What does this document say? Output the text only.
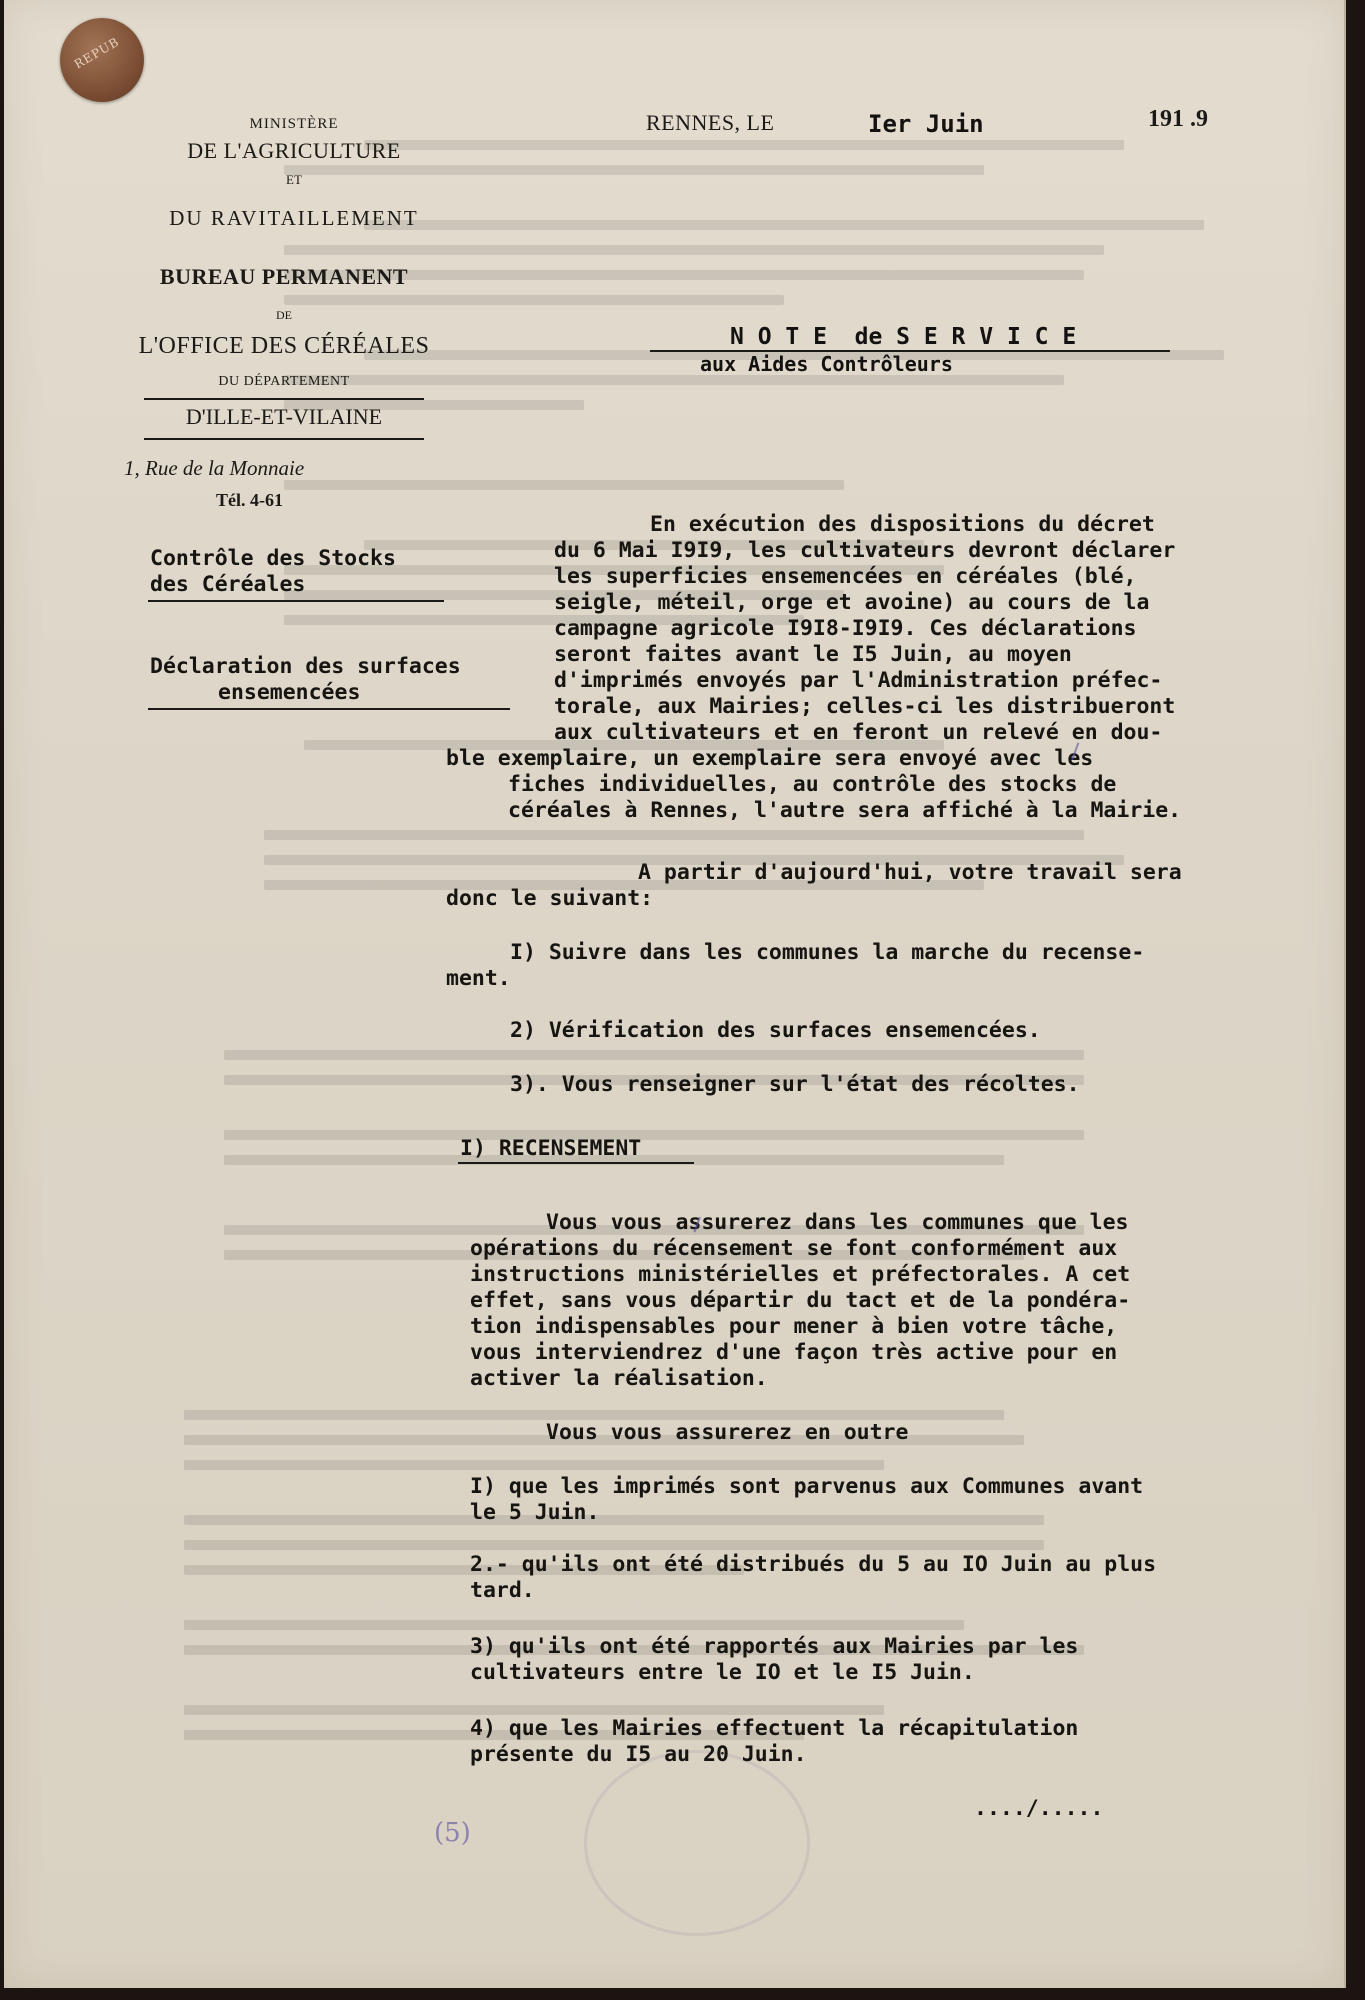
REPUB
MINISTÈRE
DE L'AGRICULTURE
ET
DU RAVITAILLEMENT
BUREAU PERMANENT
DE
L'OFFICE DES CÉRÉALES
DU DÉPARTEMENT
D'ILLE-ET-VILAINE
1, Rue de la Monnaie
Tél. 4-61
RENNES, LE	Ier Juin	191 .9
N O T E  de S E R V I C E
aux Aides Contrôleurs
Contrôle des Stocks
des Céréales
Déclaration des surfaces
ensemencées
En exécution des dispositions du décret
du 6 Mai I9I9, les cultivateurs devront déclarer
les superficies ensemencées en céréales (blé,
seigle, méteil, orge et avoine) au cours de la
campagne agricole I9I8-I9I9. Ces déclarations
seront faites avant le I5 Juin, au moyen
d'imprimés envoyés par l'Administration préfec-
torale, aux Mairies; celles-ci les distribueront
aux cultivateurs et en feront un relevé en dou-
ble exemplaire, un exemplaire sera envoyé avec les
fiches individuelles, au contrôle des stocks de
céréales à Rennes, l'autre sera affiché à la Mairie.
A partir d'aujourd'hui, votre travail sera
donc le suivant:
I) Suivre dans les communes la marche du recense-
ment.
2) Vérification des surfaces ensemencées.
3). Vous renseigner sur l'état des récoltes.
I) RECENSEMENT
Vous vous assurerez dans les communes que les
opérations du récensement se font conformément aux
instructions ministérielles et préfectorales. A cet
effet, sans vous départir du tact et de la pondéra-
tion indispensables pour mener à bien votre tâche,
vous interviendrez d'une façon très active pour en
activer la réalisation.
Vous vous assurerez en outre
I) que les imprimés sont parvenus aux Communes avant
le 5 Juin.
2.- qu'ils ont été distribués du 5 au IO Juin au plus
tard.
3) qu'ils ont été rapportés aux Mairies par les
cultivateurs entre le IO et le I5 Juin.
4) que les Mairies effectuent la récapitulation
présente du I5 au 20 Juin.
..../.....
(5)
